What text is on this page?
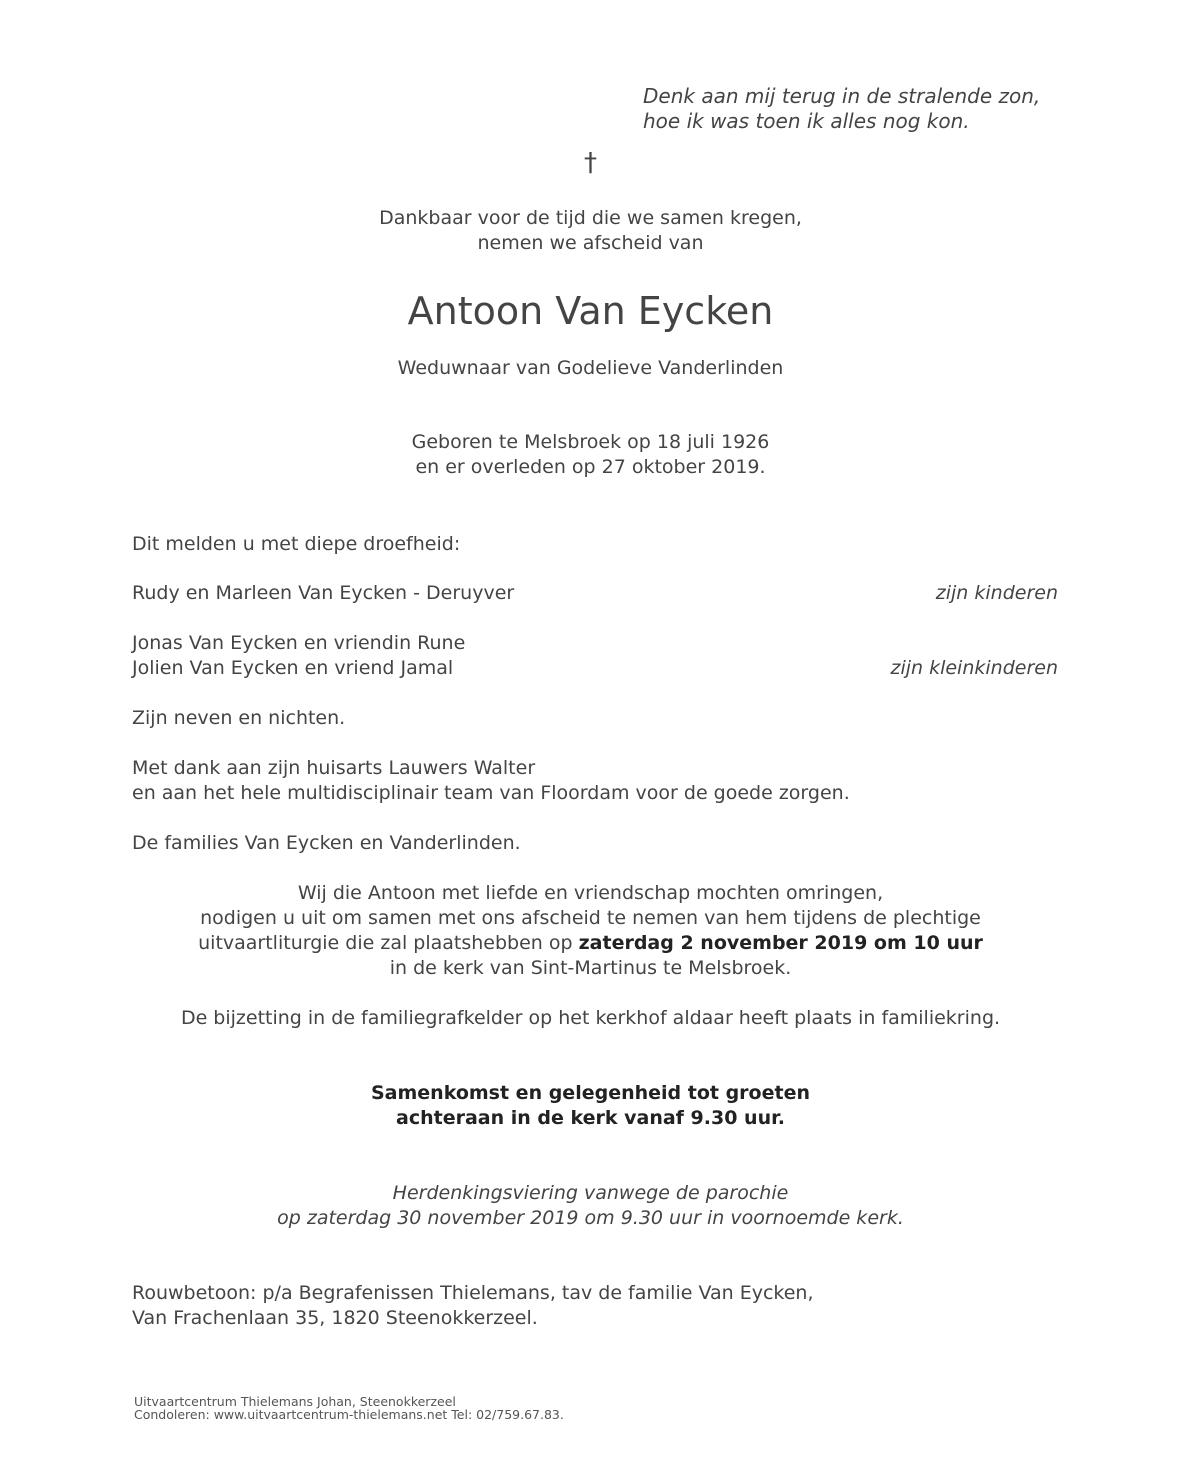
Denk aan mij terug in de stralende zon,
hoe ik was toen ik alles nog kon.
†
Dankbaar voor de tijd die we samen kregen,
nemen we afscheid van
Antoon Van Eycken
Weduwnaar van Godelieve Vanderlinden
Geboren te Melsbroek op 18 juli 1926
en er overleden op 27 oktober 2019.
Dit melden u met diepe droefheid:
Rudy en Marleen Van Eycken - Deruyver	zijn kinderen
Jonas Van Eycken en vriendin Rune
Jolien Van Eycken en vriend Jamal	zijn kleinkinderen
Zijn neven en nichten.
Met dank aan zijn huisarts Lauwers Walter
en aan het hele multidisciplinair team van Floordam voor de goede zorgen.
De families Van Eycken en Vanderlinden.
Wij die Antoon met liefde en vriendschap mochten omringen,
nodigen u uit om samen met ons afscheid te nemen van hem tijdens de plechtige
uitvaartliturgie die zal plaatshebben op zaterdag 2 november 2019 om 10 uur
in de kerk van Sint-Martinus te Melsbroek.
De bijzetting in de familiegrafkelder op het kerkhof aldaar heeft plaats in familiekring.
Samenkomst en gelegenheid tot groeten
achteraan in de kerk vanaf 9.30 uur.
Herdenkingsviering vanwege de parochie
op zaterdag 30 november 2019 om 9.30 uur in voornoemde kerk.
Rouwbetoon: p/a Begrafenissen Thielemans, tav de familie Van Eycken,
Van Frachenlaan 35, 1820 Steenokkerzeel.
Uitvaartcentrum Thielemans Johan, Steenokkerzeel
Condoleren: www.uitvaartcentrum-thielemans.net Tel: 02/759.67.83.
